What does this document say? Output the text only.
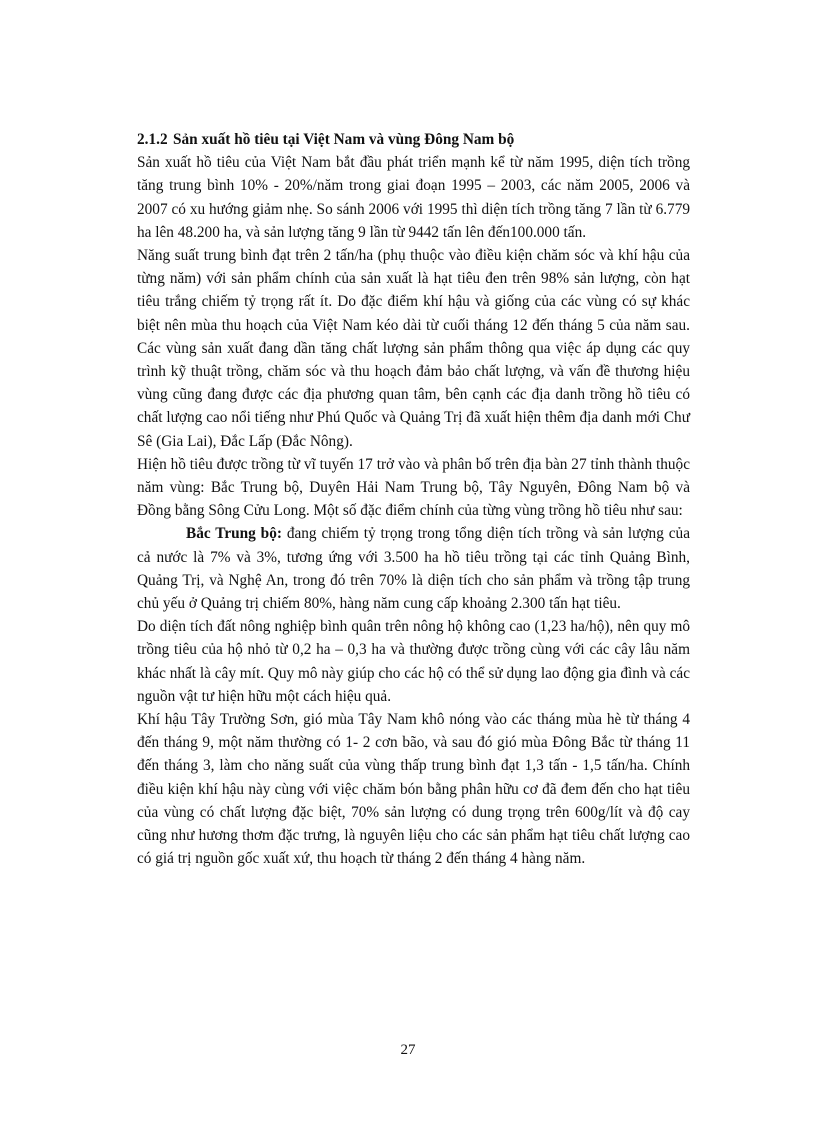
2.1.2 Sản xuất hồ tiêu tại Việt Nam và vùng Đông Nam bộ

Sản xuất hồ tiêu của Việt Nam bắt đầu phát triển mạnh kể từ năm 1995, diện tích trồng tăng trung bình 10% - 20%/năm trong giai đoạn 1995 – 2003, các năm 2005, 2006 và 2007 có xu hướng giảm nhẹ. So sánh 2006 với 1995 thì diện tích trồng tăng 7 lần từ 6.779 ha lên 48.200 ha, và sản lượng tăng 9 lần từ 9442 tấn lên đến100.000 tấn.

Năng suất trung bình đạt trên 2 tấn/ha (phụ thuộc vào điều kiện chăm sóc và khí hậu của từng năm) với sản phẩm chính của sản xuất là hạt tiêu đen trên 98% sản lượng, còn hạt tiêu trắng chiếm tỷ trọng rất ít. Do đặc điểm khí hậu và giống của các vùng có sự khác biệt nên mùa thu hoạch của Việt Nam kéo dài từ cuối tháng 12 đến tháng 5 của năm sau. Các vùng sản xuất đang dần tăng chất lượng sản phẩm thông qua việc áp dụng các quy trình kỹ thuật trồng, chăm sóc và thu hoạch đảm bảo chất lượng, và vấn đề thương hiệu vùng cũng đang được các địa phương quan tâm, bên cạnh các địa danh trồng hồ tiêu có chất lượng cao nổi tiếng như Phú Quốc và Quảng Trị đã xuất hiện thêm địa danh mới Chư Sê (Gia Lai), Đắc Lấp (Đắc Nông).

Hiện hồ tiêu được trồng từ vĩ tuyến 17 trở vào và phân bố trên địa bàn 27 tỉnh thành thuộc năm vùng: Bắc Trung bộ, Duyên Hải Nam Trung bộ, Tây Nguyên, Đông Nam bộ và Đồng bằng Sông Cửu Long. Một số đặc điểm chính của từng vùng trồng hồ tiêu như sau:

Bắc Trung bộ: đang chiếm tỷ trọng trong tổng diện tích trồng và sản lượng của cả nước là 7% và 3%, tương ứng với 3.500 ha hồ tiêu trồng tại các tỉnh Quảng Bình, Quảng Trị, và Nghệ An, trong đó trên 70% là diện tích cho sản phẩm và trồng tập trung chủ yếu ở Quảng trị chiếm 80%, hàng năm cung cấp khoảng 2.300 tấn hạt tiêu.

Do diện tích đất nông nghiệp bình quân trên nông hộ không cao (1,23 ha/hộ), nên quy mô trồng tiêu của hộ nhỏ từ 0,2 ha – 0,3 ha và thường được trồng cùng với các cây lâu năm khác nhất là cây mít. Quy mô này giúp cho các hộ có thể sử dụng lao động gia đình và các nguồn vật tư hiện hữu một cách hiệu quả.

Khí hậu Tây Trường Sơn, gió mùa Tây Nam khô nóng vào các tháng mùa hè từ tháng 4 đến tháng 9, một năm thường có 1- 2 cơn bão, và sau đó gió mùa Đông Bắc từ tháng 11 đến tháng 3, làm cho năng suất của vùng thấp trung bình đạt 1,3 tấn - 1,5 tấn/ha. Chính điều kiện khí hậu này cùng với việc chăm bón bằng phân hữu cơ đã đem đến cho hạt tiêu của vùng có chất lượng đặc biệt, 70% sản lượng có dung trọng trên 600g/lít và độ cay cũng như hương thơm đặc trưng, là nguyên liệu cho các sản phẩm hạt tiêu chất lượng cao có giá trị nguồn gốc xuất xứ, thu hoạch từ tháng 2 đến tháng 4 hàng năm.

27
